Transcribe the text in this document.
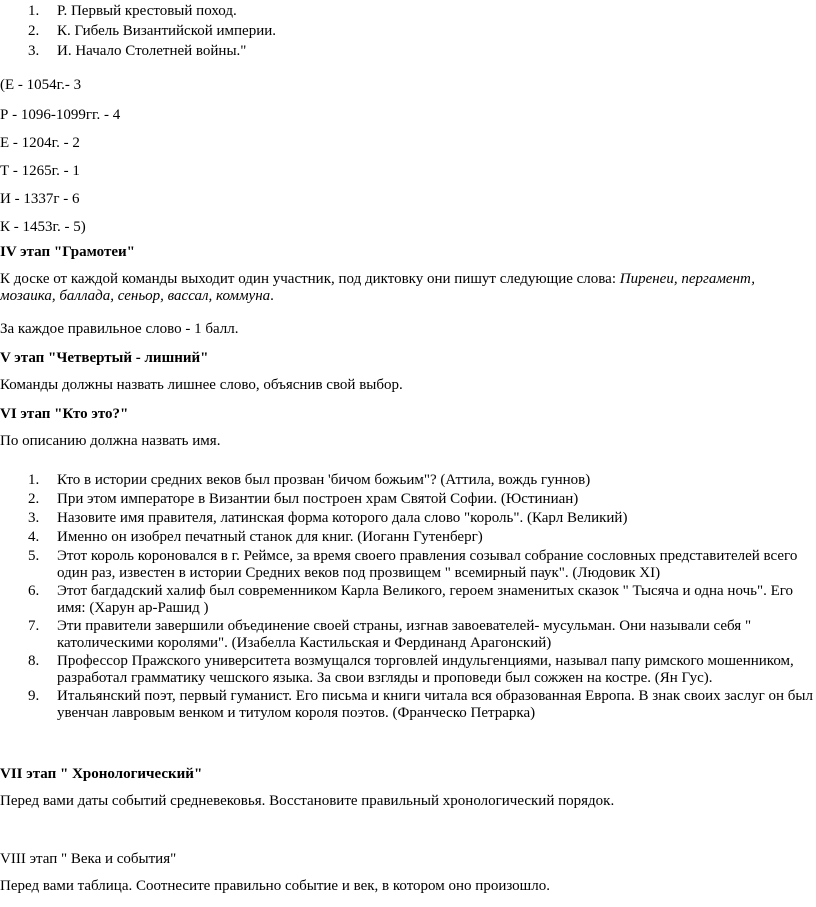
1.	Р. Первый крестовый поход.
2.	К. Гибель Византийской империи.
3.	И. Начало Столетней войны."
(Е - 1054г.- 3
Р - 1096-1099гг. - 4
Е - 1204г. - 2
Т - 1265г. - 1
И - 1337г - 6
К - 1453г. - 5)
IV этап "Грамотеи"
К доске от каждой команды выходит один участник, под диктовку они пишут следующие слова: Пиренеи, пергамент, мозаика, баллада, сеньор, вассал, коммуна.
За каждое правильное слово - 1 балл.
V этап "Четвертый - лишний"
Команды должны назвать лишнее слово, объяснив свой выбор.
VI этап "Кто это?"
По описанию должна назвать имя.
1.	Кто в истории средних веков был прозван 'бичом божьим"? (Аттила, вождь гуннов)
2.	При этом императоре в Византии был построен храм Святой Софии. (Юстиниан)
3.	Назовите имя правителя, латинская форма которого дала слово "король". (Карл Великий)
4.	Именно он изобрел печатный станок для книг. (Иоганн Гутенберг)
5.	Этот король короновался в г. Реймсе, за время своего правления созывал собрание сословных представителей всего один раз, известен в истории Средних веков под прозвищем " всемирный паук". (Людовик XI)
6.	Этот багдадский халиф был современником Карла Великого, героем знаменитых сказок " Тысяча и одна ночь". Его имя: (Харун ар-Рашид )
7.	Эти правители завершили объединение своей страны, изгнав завоевателей- мусульман. Они называли себя " католическими королями". (Изабелла Кастильская и Фердинанд Арагонский)
8.	Профессор Пражского университета возмущался торговлей индульгенциями, называл папу римского мошенником, разработал грамматику чешского языка. За свои взгляды и проповеди был сожжен на костре. (Ян Гус).
9.	Итальянский поэт, первый гуманист. Его письма и книги читала вся образованная Европа. В знак своих заслуг он был увенчан лавровым венком и титулом короля поэтов. (Франческо Петрарка)
VII этап " Хронологический"
Перед вами даты событий средневековья. Восстановите правильный хронологический порядок.
VIII этап " Века и события"
Перед вами таблица. Соотнесите правильно событие и век, в котором оно произошло.
